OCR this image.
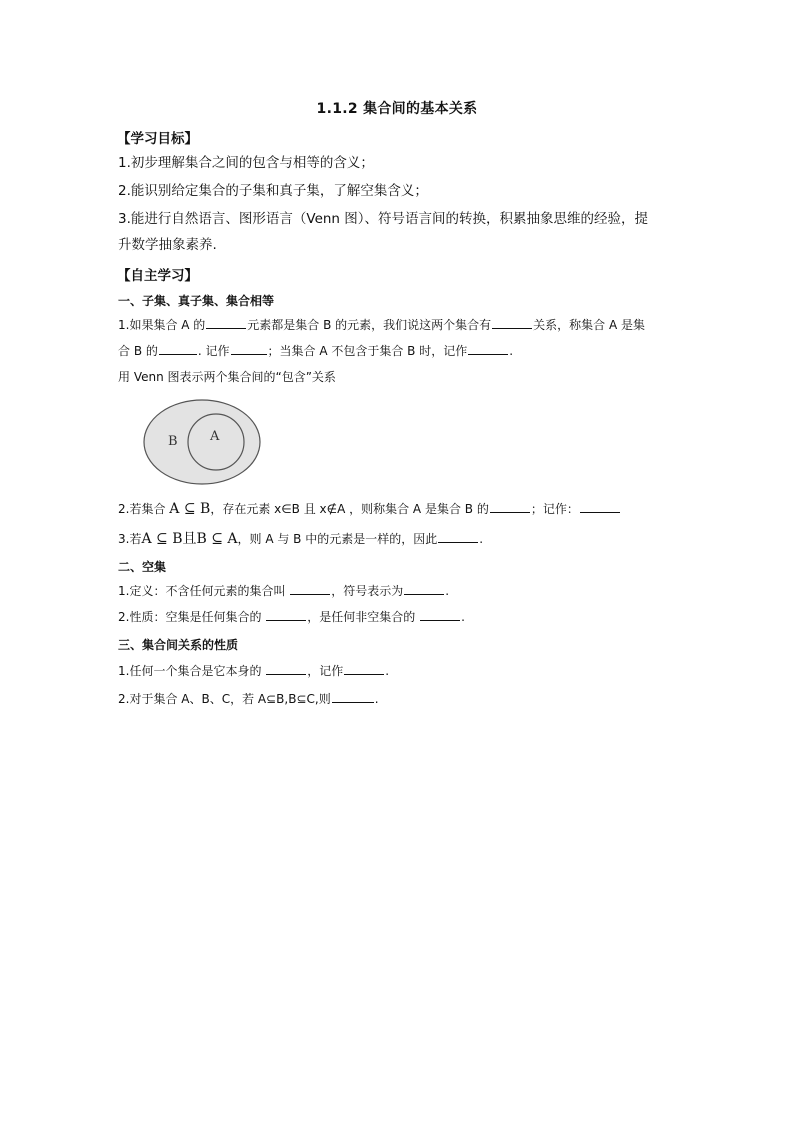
1.1.2 集合间的基本关系
【学习目标】
1.初步理解集合之间的包含与相等的含义；
2.能识别给定集合的子集和真子集，了解空集含义；
3.能进行自然语言、图形语言（Venn 图）、符号语言间的转换，积累抽象思维的经验，提
升数学抽象素养.
【自主学习】
一、子集、真子集、集合相等
1.如果集合 A 的	元素都是集合 B 的元素，我们说这两个集合有	关系，称集合 A 是集
合 B 的	. 记作	；当集合 A 不包含于集合 B 时，记作	.
用 Venn 图表示两个集合间的“包含”关系
B A
2.若集合 A ⊆ B，存在元素 x∈B 且 x∉A ，则称集合 A 是集合 B 的	；记作：
3.若A ⊆ B且B ⊆ A，则 A 与 B 中的元素是一样的，因此	.
二、空集
1.定义：不含任何元素的集合叫	，符号表示为	.
2.性质：空集是任何集合的	，是任何非空集合的	.
三、集合间关系的性质
1.任何一个集合是它本身的	，记作	.
2.对于集合 A、B、C，若 A⊆B,B⊆C,则	.
